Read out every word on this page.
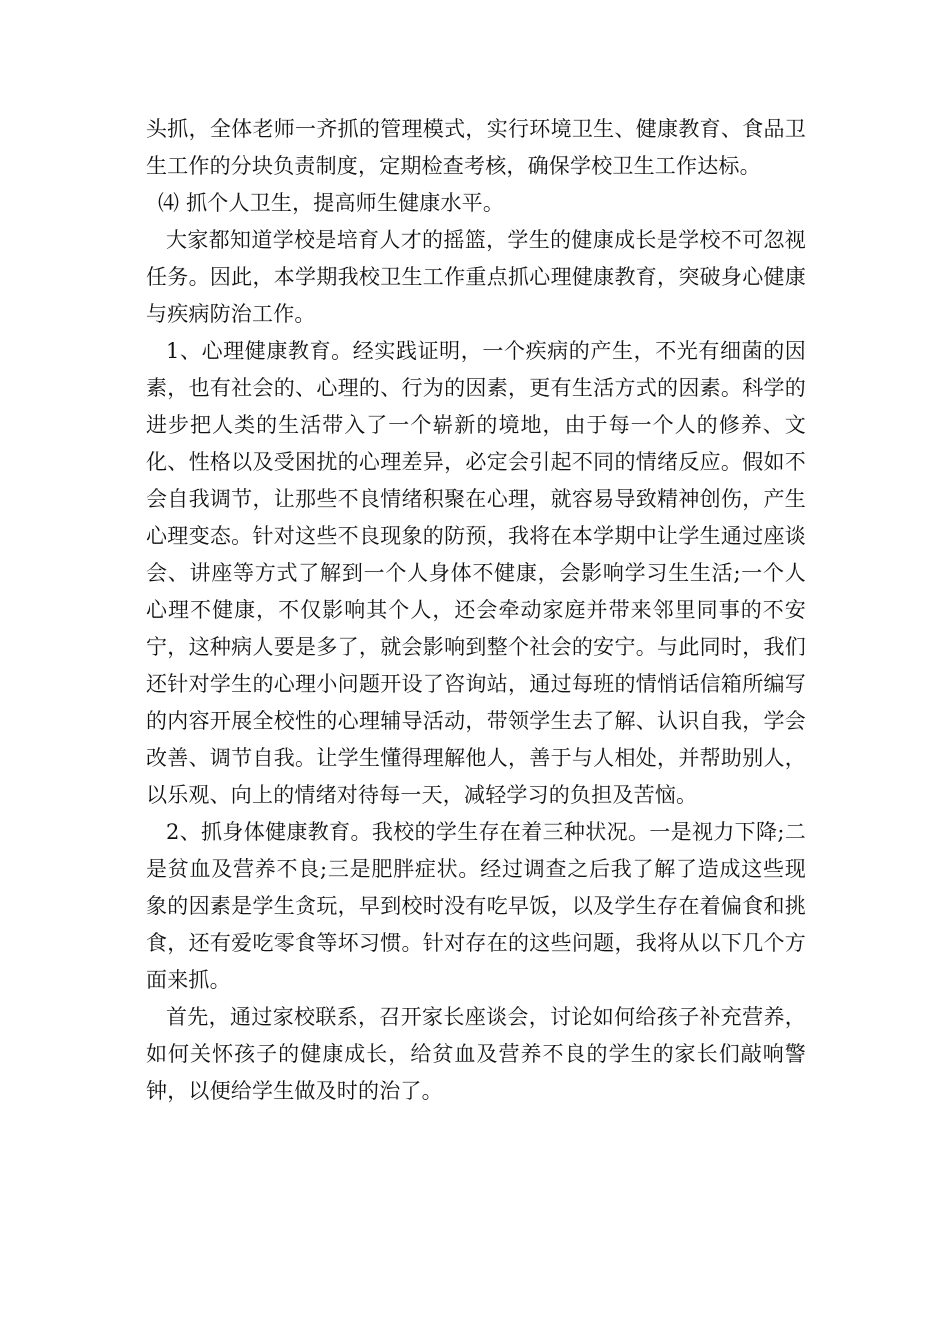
头抓，全体老师一齐抓的管理模式，实行环境卫生、健康教育、食品卫生工作的分块负责制度，定期检查考核，确保学校卫生工作达标。

⑷ 抓个人卫生，提高师生健康水平。

大家都知道学校是培育人才的摇篮，学生的健康成长是学校不可忽视任务。因此，本学期我校卫生工作重点抓心理健康教育，突破身心健康与疾病防治工作。

1、心理健康教育。经实践证明，一个疾病的产生，不光有细菌的因素，也有社会的、心理的、行为的因素，更有生活方式的因素。科学的进步把人类的生活带入了一个崭新的境地，由于每一个人的修养、文化、性格以及受困扰的心理差异，必定会引起不同的情绪反应。假如不会自我调节，让那些不良情绪积聚在心理，就容易导致精神创伤，产生心理变态。针对这些不良现象的防预，我将在本学期中让学生通过座谈会、讲座等方式了解到一个人身体不健康，会影响学习生生活;一个人心理不健康，不仅影响其个人，还会牵动家庭并带来邻里同事的不安宁，这种病人要是多了，就会影响到整个社会的安宁。与此同时，我们还针对学生的心理小问题开设了咨询站，通过每班的情悄话信箱所编写的内容开展全校性的心理辅导活动，带领学生去了解、认识自我，学会改善、调节自我。让学生懂得理解他人，善于与人相处，并帮助别人，以乐观、向上的情绪对待每一天，减轻学习的负担及苦恼。

2、抓身体健康教育。我校的学生存在着三种状况。一是视力下降;二是贫血及营养不良;三是肥胖症状。经过调查之后我了解了造成这些现象的因素是学生贪玩，早到校时没有吃早饭，以及学生存在着偏食和挑食，还有爱吃零食等坏习惯。针对存在的这些问题，我将从以下几个方面来抓。

首先，通过家校联系，召开家长座谈会，讨论如何给孩子补充营养，如何关怀孩子的健康成长，给贫血及营养不良的学生的家长们敲响警钟，以便给学生做及时的治了。
